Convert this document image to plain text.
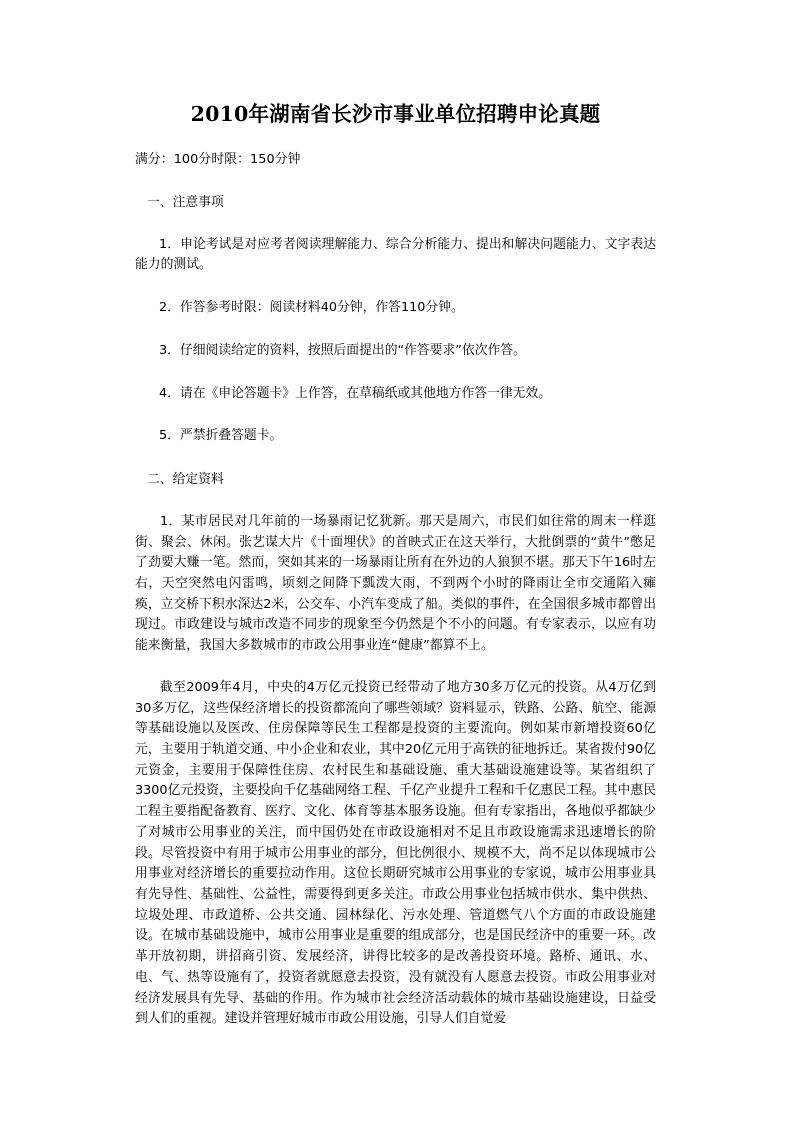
2010年湖南省长沙市事业单位招聘申论真题

满分：100分时限：150分钟

一、注意事项

1．申论考试是对应考者阅读理解能力、综合分析能力、提出和解决问题能力、文字表达能力的测试。

2．作答参考时限：阅读材料40分钟，作答110分钟。

3．仔细阅读给定的资料，按照后面提出的“作答要求”依次作答。

4．请在《申论答题卡》上作答，在草稿纸或其他地方作答一律无效。

5．严禁折叠答题卡。

二、给定资料

1．某市居民对几年前的一场暴雨记忆犹新。那天是周六，市民们如往常的周末一样逛街、聚会、休闲。张艺谋大片《十面埋伏》的首映式正在这天举行，大批倒票的“黄牛”憋足了劲要大赚一笔。然而，突如其来的一场暴雨让所有在外边的人狼狈不堪。那天下午16时左右，天空突然电闪雷鸣，顷刻之间降下瓢泼大雨，不到两个小时的降雨让全市交通陷入瘫痪，立交桥下积水深达2米，公交车、小汽车变成了船。类似的事件，在全国很多城市都曾出现过。市政建设与城市改造不同步的现象至今仍然是个不小的问题。有专家表示，以应有功能来衡量，我国大多数城市的市政公用事业连“健康”都算不上。

截至2009年4月，中央的4万亿元投资已经带动了地方30多万亿元的投资。从4万亿到30多万亿，这些保经济增长的投资都流向了哪些领域？资料显示，铁路、公路、航空、能源等基础设施以及医改、住房保障等民生工程都是投资的主要流向。例如某市新增投资60亿元，主要用于轨道交通、中小企业和农业，其中20亿元用于高铁的征地拆迁。某省拨付90亿元资金，主要用于保障性住房、农村民生和基础设施、重大基础设施建设等。某省组织了3300亿元投资，主要投向千亿基础网络工程、千亿产业提升工程和千亿惠民工程。其中惠民工程主要指配备教育、医疗、文化、体育等基本服务设施。但有专家指出，各地似乎都缺少了对城市公用事业的关注，而中国仍处在市政设施相对不足且市政设施需求迅速增长的阶段。尽管投资中有用于城市公用事业的部分，但比例很小、规模不大，尚不足以体现城市公用事业对经济增长的重要拉动作用。这位长期研究城市公用事业的专家说，城市公用事业具有先导性、基础性、公益性，需要得到更多关注。市政公用事业包括城市供水、集中供热、垃圾处理、市政道桥、公共交通、园林绿化、污水处理、管道燃气八个方面的市政设施建设。在城市基础设施中，城市公用事业是重要的组成部分，也是国民经济中的重要一环。改革开放初期，讲招商引资、发展经济，讲得比较多的是改善投资环境。路桥、通讯、水、电、气、热等设施有了，投资者就愿意去投资，没有就没有人愿意去投资。市政公用事业对经济发展具有先导、基础的作用。作为城市社会经济活动载体的城市基础设施建设，日益受到人们的重视。建设并管理好城市市政公用设施，引导人们自觉爱
